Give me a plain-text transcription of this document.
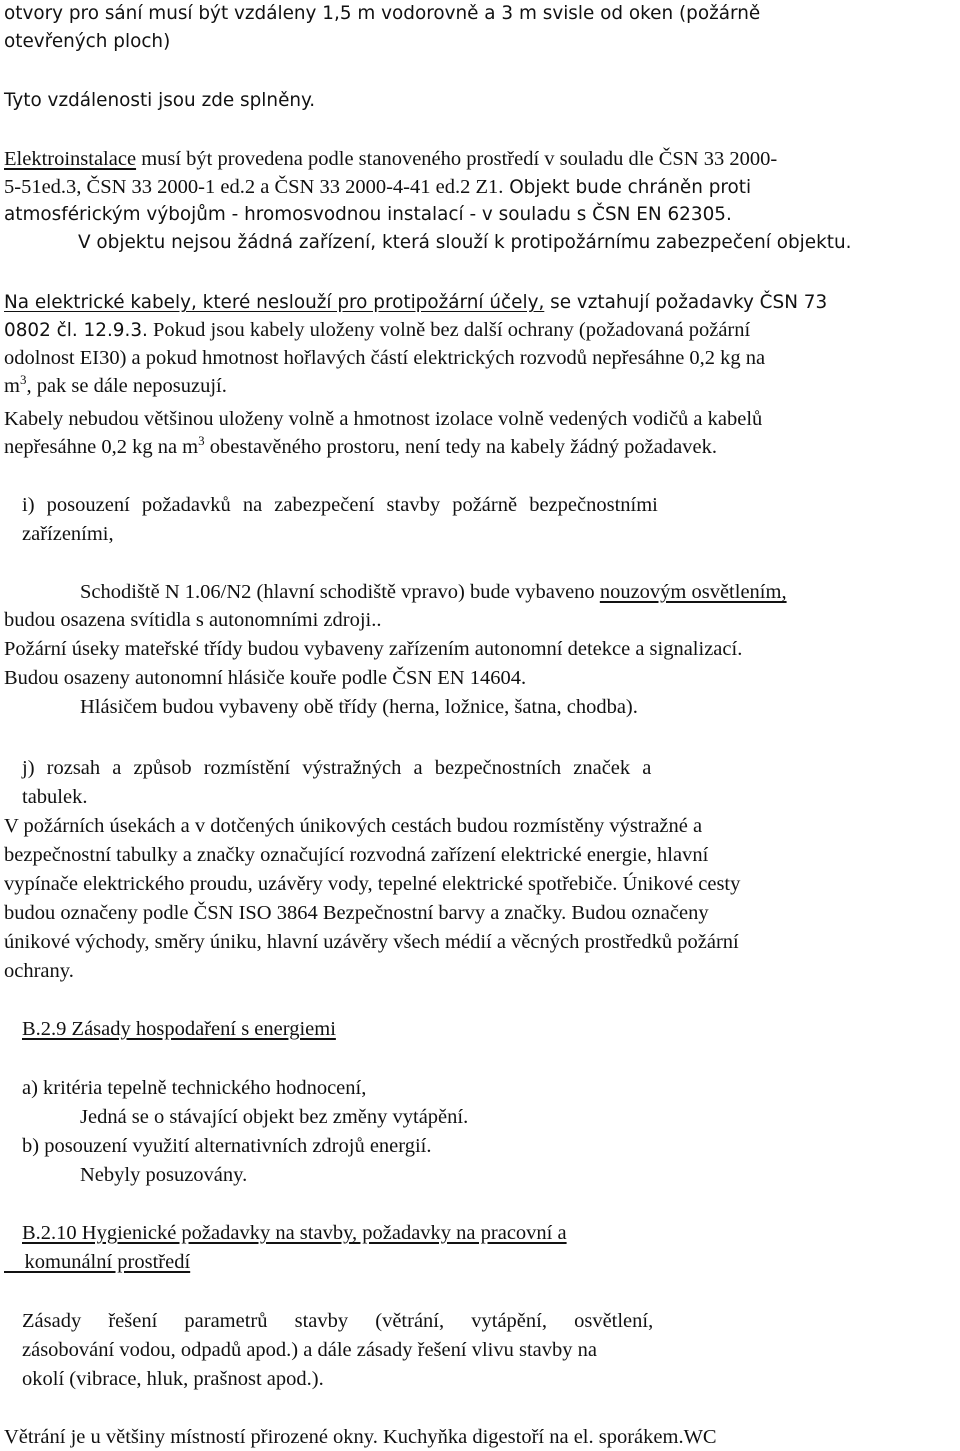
otvory pro sání musí být vzdáleny 1,5 m vodorovně a 3 m svisle od oken (požárně
otevřených ploch)
Tyto vzdálenosti jsou zde splněny.
Elektroinstalace musí být provedena podle stanoveného prostředí v souladu dle ČSN 33 2000-
5-51ed.3, ČSN 33 2000-1 ed.2 a ČSN 33 2000-4-41 ed.2 Z1. Objekt bude chráněn proti
atmosférickým výbojům - hromosvodnou instalací - v souladu s ČSN EN 62305.
V objektu nejsou žádná zařízení, která slouží k protipožárnímu zabezpečení objektu.
Na elektrické kabely, které neslouží pro protipožární účely, se vztahují požadavky ČSN 73
0802 čl. 12.9.3. Pokud jsou kabely uloženy volně bez další ochrany (požadovaná požární
odolnost EI30) a pokud hmotnost hořlavých částí elektrických rozvodů nepřesáhne 0,2 kg na
$m^3$, pak se dále neposuzují.
Kabely nebudou většinou uloženy volně a hmotnost izolace volně vedených vodičů a kabelů
nepřesáhne 0,2 kg na $m^3$ obestavěného prostoru, není tedy na kabely žádný požadavek.
i) posouzení požadavků na zabezpečení stavby požárně bezpečnostními
zařízeními,
Schodiště N 1.06/N2 (hlavní schodiště vpravo) bude vybaveno nouzovým osvětlením,
budou osazena svítidla s autonomními zdroji..
Požární úseky mateřské třídy budou vybaveny zařízením autonomní detekce a signalizací.
Budou osazeny autonomní hlásiče kouře podle ČSN EN 14604.
Hlásičem budou vybaveny obě třídy (herna, ložnice, šatna, chodba).
j) rozsah a způsob rozmístění výstražných a bezpečnostních značek a
tabulek.
V požárních úsekách a v dotčených únikových cestách budou rozmístěny výstražné a
bezpečnostní tabulky a značky označující rozvodná zařízení elektrické energie, hlavní
vypínače elektrického proudu, uzávěry vody, tepelné elektrické spotřebiče. Únikové cesty
budou označeny podle ČSN ISO 3864 Bezpečnostní barvy a značky. Budou označeny
únikové východy, směry úniku, hlavní uzávěry všech médií a věcných prostředků požární
ochrany.
B.2.9 Zásady hospodaření s energiemi
a) kritéria tepelně technického hodnocení,
Jedná se o stávající objekt bez změny vytápění.
b) posouzení využití alternativních zdrojů energií.
Nebyly posuzovány.
B.2.10 Hygienické požadavky na stavby, požadavky na pracovní a
komunální prostředí
Zásady řešení parametrů stavby (větrání, vytápění, osvětlení,
zásobování vodou, odpadů apod.) a dále zásady řešení vlivu stavby na
okolí (vibrace, hluk, prašnost apod.).
Větrání je u většiny místností přirozené okny. Kuchyňka digestoří na el. sporákem.WC
